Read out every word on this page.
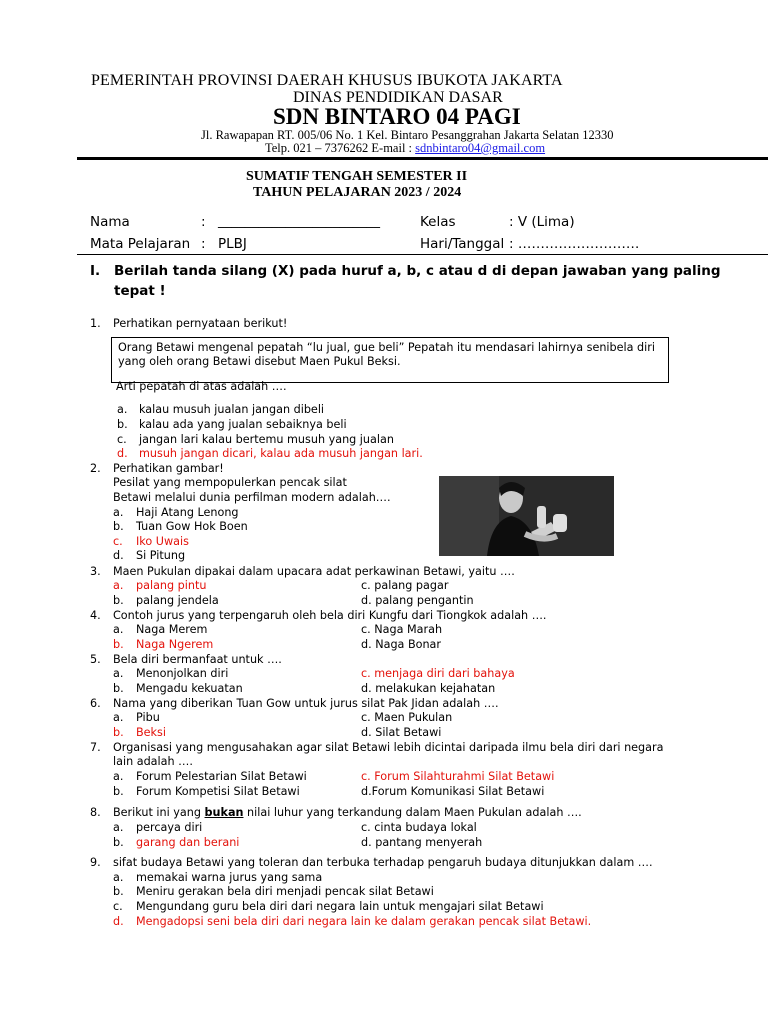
PEMERINTAH PROVINSI DAERAH KHUSUS IBUKOTA JAKARTA
DINAS PENDIDIKAN DASAR
SDN BINTARO 04 PAGI
Jl. Rawapapan RT. 005/06 No. 1 Kel. Bintaro Pesanggrahan Jakarta Selatan 12330
Telp. 021 – 7376262 E-mail : sdnbintaro04@gmail.com
SUMATIF TENGAH SEMESTER II
TAHUN PELAJARAN 2023 / 2024
Nama	: ________________________	Kelas	: V (Lima)
Mata Pelajaran : PLBJ	Hari/Tanggal : ………………………
I. Berilah tanda silang (X) pada huruf a, b, c atau d di depan jawaban yang paling
tepat !
1. Perhatikan pernyataan berikut!
Orang Betawi mengenal pepatah “lu jual, gue beli” Pepatah itu mendasari lahirnya senibela diri
yang oleh orang Betawi disebut Maen Pukul Beksi.
Arti pepatah di atas adalah ….
a. kalau musuh jualan jangan dibeli
b. kalau ada yang jualan sebaiknya beli
c. jangan lari kalau bertemu musuh yang jualan
d. musuh jangan dicari, kalau ada musuh jangan lari.
2. Perhatikan gambar!
Pesilat yang mempopulerkan pencak silat
Betawi melalui dunia perfilman modern adalah….
a. Haji Atang Lenong
b. Tuan Gow Hok Boen
c. Iko Uwais
d. Si Pitung
3. Maen Pukulan dipakai dalam upacara adat perkawinan Betawi, yaitu ….
a. palang pintu
b. palang jendela
c. palang pagar
d. palang pengantin
4. Contoh jurus yang terpengaruh oleh bela diri Kungfu dari Tiongkok adalah ….
a. Naga Merem
b. Naga Ngerem
c. Naga Marah
d. Naga Bonar
5. Bela diri bermanfaat untuk ….
a. Menonjolkan diri
b. Mengadu kekuatan
c. menjaga diri dari bahaya
d. melakukan kejahatan
6. Nama yang diberikan Tuan Gow untuk jurus silat Pak Jidan adalah ….
a. Pibu
b. Beksi
c. Maen Pukulan
d. Silat Betawi
7. Organisasi yang mengusahakan agar silat Betawi lebih dicintai daripada ilmu bela diri dari negara
lain adalah ….
a. Forum Pelestarian Silat Betawi
b. Forum Kompetisi Silat Betawi
c. Forum Silahturahmi Silat Betawi
d.Forum Komunikasi Silat Betawi
8. Berikut ini yang bukan nilai luhur yang terkandung dalam Maen Pukulan adalah ….
a. percaya diri
b. garang dan berani
c. cinta budaya lokal
d. pantang menyerah
9. sifat budaya Betawi yang toleran dan terbuka terhadap pengaruh budaya ditunjukkan dalam ….
a. memakai warna jurus yang sama
b. Meniru gerakan bela diri menjadi pencak silat Betawi
c. Mengundang guru bela diri dari negara lain untuk mengajari silat Betawi
d. Mengadopsi seni bela diri dari negara lain ke dalam gerakan pencak silat Betawi.
